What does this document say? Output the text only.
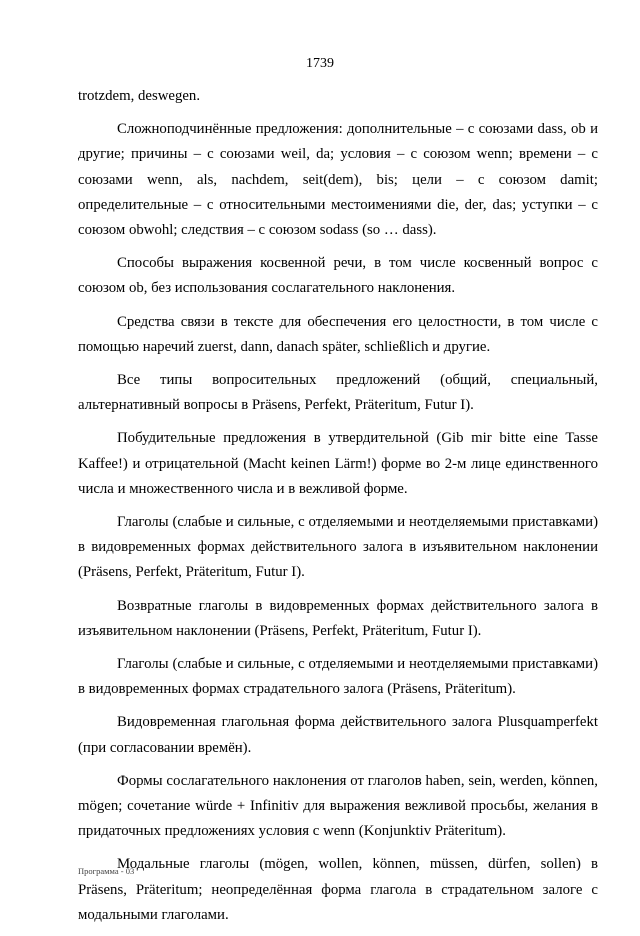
1739

trotzdem, deswegen.

Сложноподчинённые предложения: дополнительные – с союзами dass, ob и другие; причины – с союзами weil, da; условия – с союзом wenn; времени – с союзами wenn, als, nachdem, seit(dem), bis; цели – с союзом damit; определительные – с относительными местоимениями die, der, das; уступки – с союзом obwohl; следствия – с союзом sodass (so … dass).

Способы выражения косвенной речи, в том числе косвенный вопрос с союзом ob, без использования сослагательного наклонения.

Средства связи в тексте для обеспечения его целостности, в том числе с помощью наречий zuerst, dann, danach später, schließlich и другие.

Все типы вопросительных предложений (общий, специальный, альтернативный вопросы в Präsens, Perfekt, Präteritum, Futur I).

Побудительные предложения в утвердительной (Gib mir bitte eine Tasse Kaffee!) и отрицательной (Macht keinen Lärm!) форме во 2-м лице единственного числа и множественного числа и в вежливой форме.

Глаголы (слабые и сильные, с отделяемыми и неотделяемыми приставками) в видовременных формах действительного залога в изъявительном наклонении (Präsens, Perfekt, Präteritum, Futur I).

Возвратные глаголы в видовременных формах действительного залога в изъявительном наклонении (Präsens, Perfekt, Präteritum, Futur I).

Глаголы (слабые и сильные, с отделяемыми и неотделяемыми приставками) в видовременных формах страдательного залога (Präsens, Präteritum).

Видовременная глагольная форма действительного залога Plusquamperfekt (при согласовании времён).

Формы сослагательного наклонения от глаголов haben, sein, werden, können, mögen; сочетание würde + Infinitiv для выражения вежливой просьбы, желания в придаточных предложениях условия с wenn (Konjunktiv Präteritum).

Модальные глаголы (mögen, wollen, können, müssen, dürfen, sollen) в Präsens, Präteritum; неопределённая форма глагола в страдательном залоге с модальными глаголами.

Программа - 03
